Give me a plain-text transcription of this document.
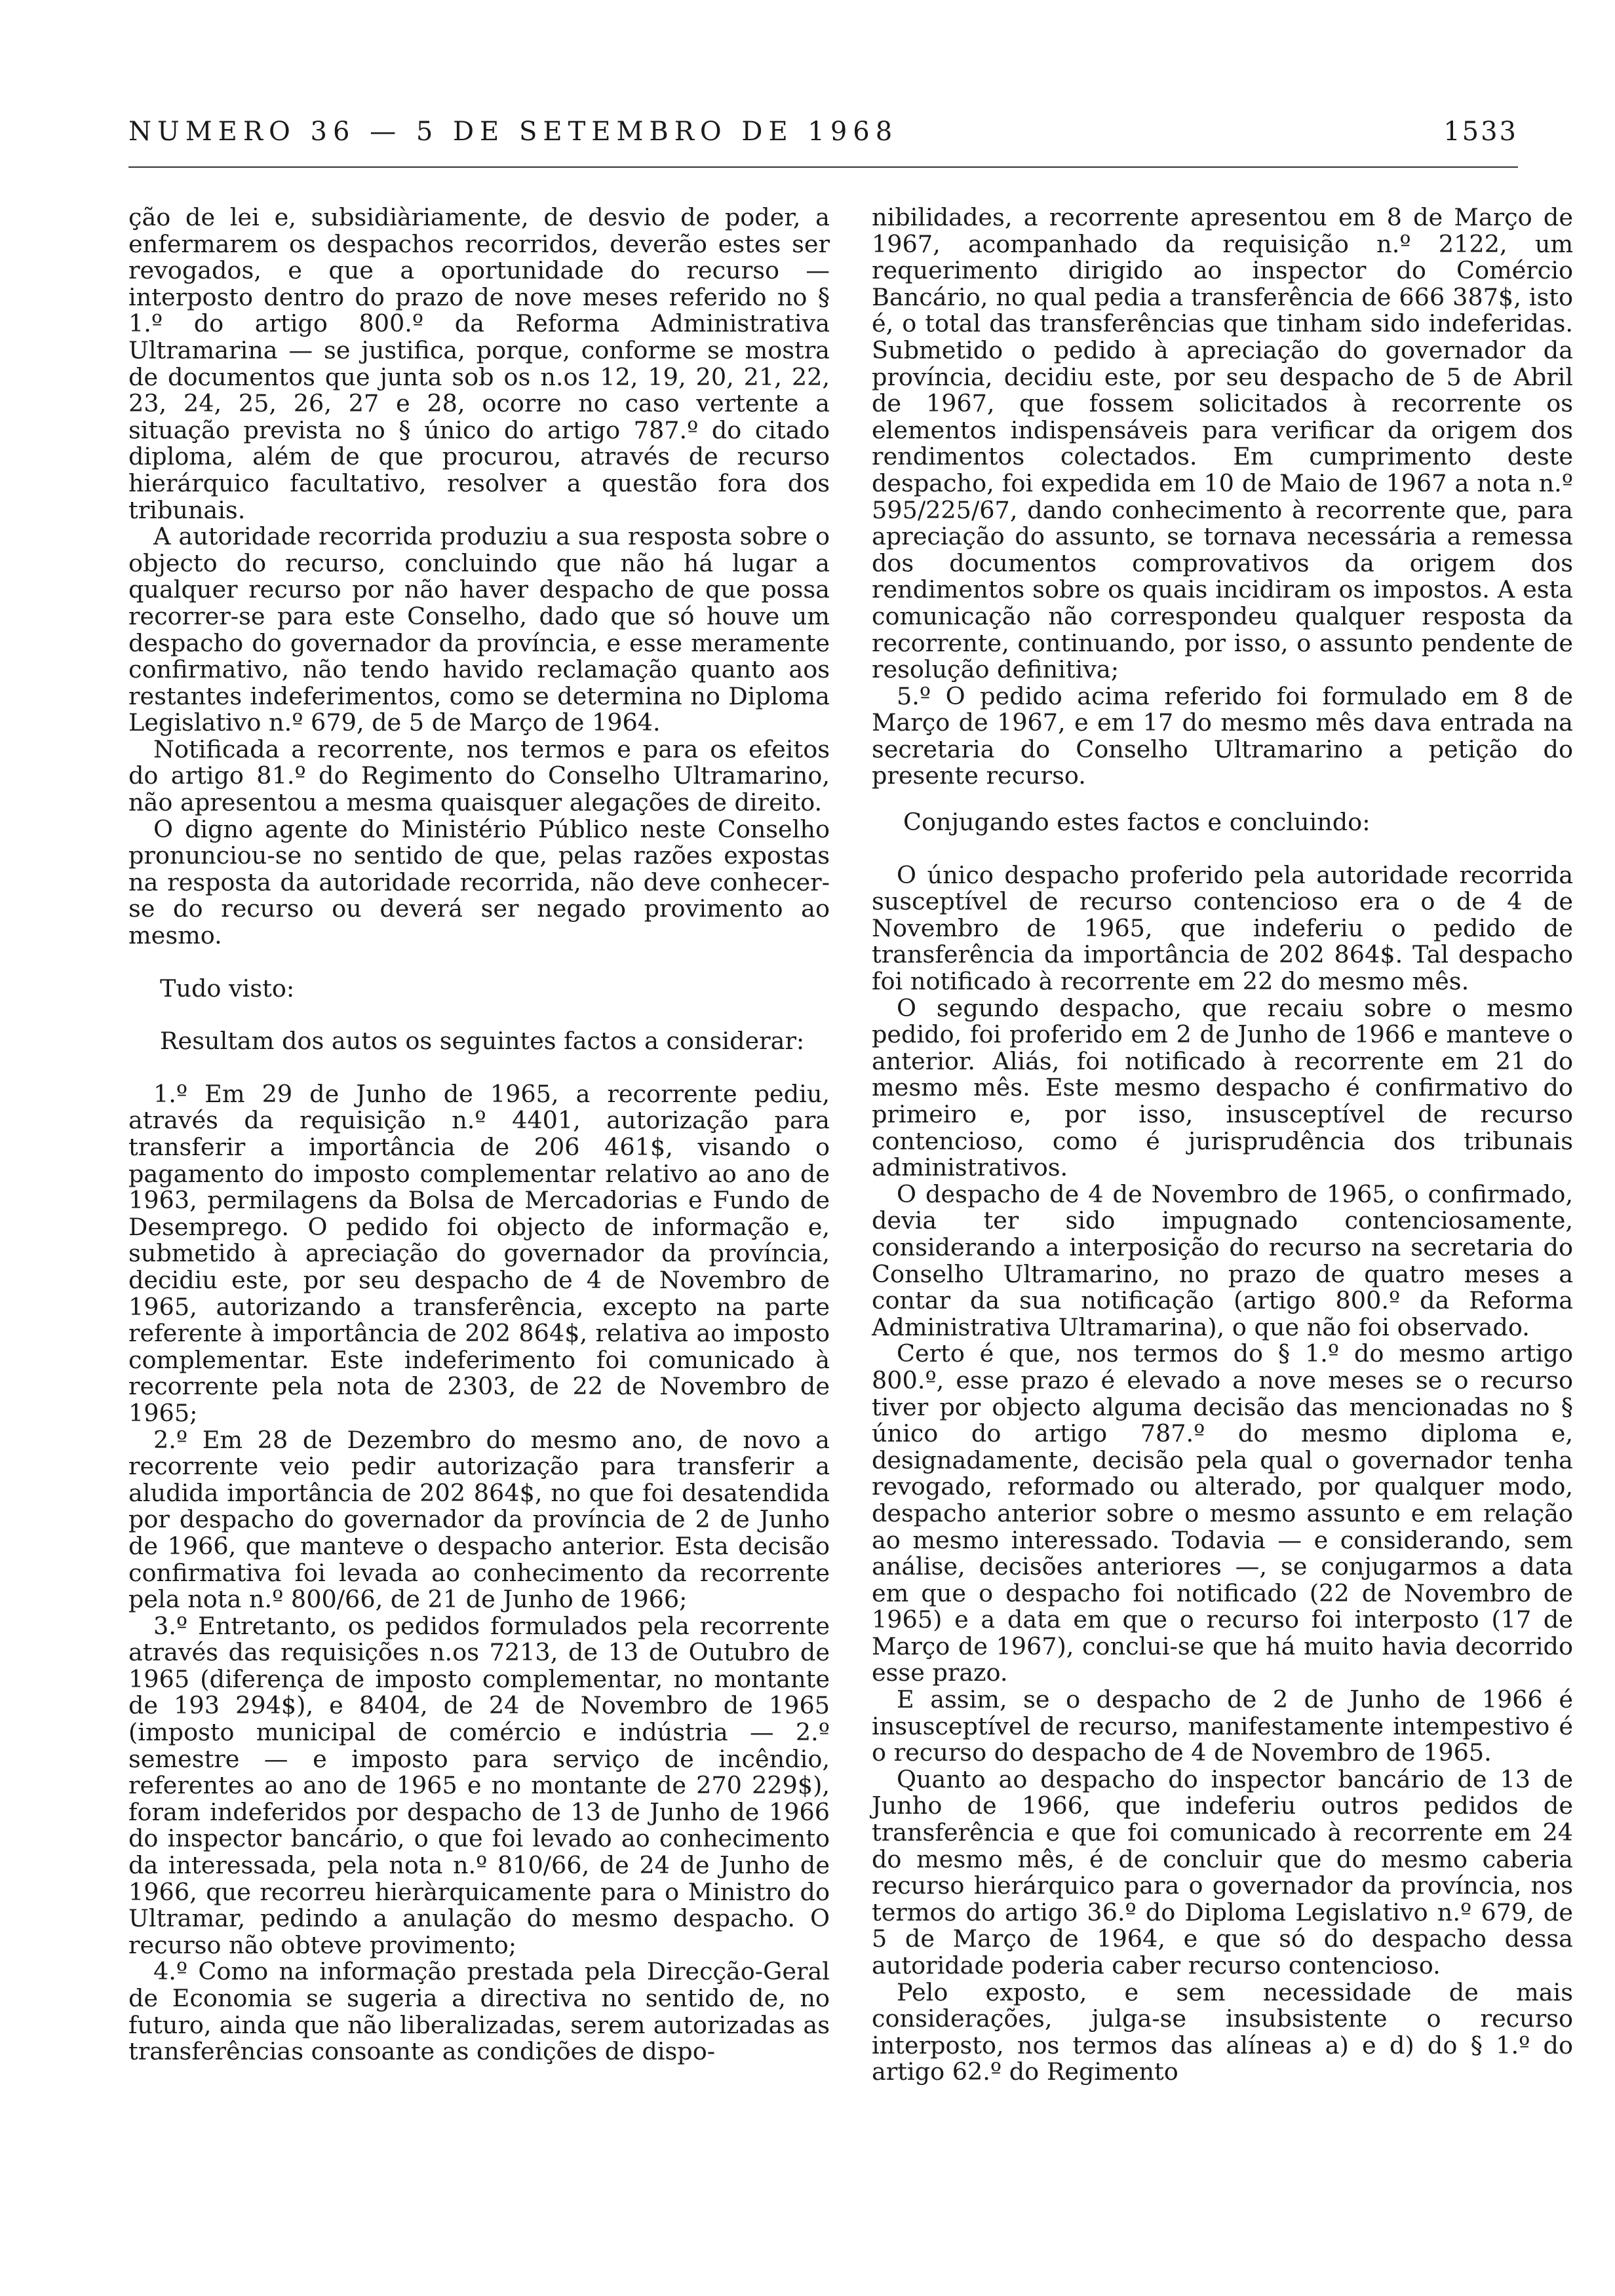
NUMERO 36 — 5 DE SETEMBRO DE 1968	1533

ção de lei e, subsidiàriamente, de desvio de poder, a enfermarem os despachos recorridos, deverão estes ser revogados, e que a oportunidade do recurso — interposto dentro do prazo de nove meses referido no § 1.º do artigo 800.º da Reforma Administrativa Ultramarina — se justifica, porque, conforme se mostra de documentos que junta sob os n.os 12, 19, 20, 21, 22, 23, 24, 25, 26, 27 e 28, ocorre no caso vertente a situação prevista no § único do artigo 787.º do citado diploma, além de que procurou, através de recurso hierárquico facultativo, resolver a questão fora dos tribunais.

A autoridade recorrida produziu a sua resposta sobre o objecto do recurso, concluindo que não há lugar a qualquer recurso por não haver despacho de que possa recorrer-se para este Conselho, dado que só houve um despacho do governador da província, e esse meramente confirmativo, não tendo havido reclamação quanto aos restantes indeferimentos, como se determina no Diploma Legislativo n.º 679, de 5 de Março de 1964.

Notificada a recorrente, nos termos e para os efeitos do artigo 81.º do Regimento do Conselho Ultramarino, não apresentou a mesma quaisquer alegações de direito.

O digno agente do Ministério Público neste Conselho pronunciou-se no sentido de que, pelas razões expostas na resposta da autoridade recorrida, não deve conhecer-se do recurso ou deverá ser negado provimento ao mesmo.

Tudo visto:

Resultam dos autos os seguintes factos a considerar:

1.º Em 29 de Junho de 1965, a recorrente pediu, através da requisição n.º 4401, autorização para transferir a importância de 206 461$, visando o pagamento do imposto complementar relativo ao ano de 1963, permilagens da Bolsa de Mercadorias e Fundo de Desemprego. O pedido foi objecto de informação e, submetido à apreciação do governador da província, decidiu este, por seu despacho de 4 de Novembro de 1965, autorizando a transferência, excepto na parte referente à importância de 202 864$, relativa ao imposto complementar. Este indeferimento foi comunicado à recorrente pela nota de 2303, de 22 de Novembro de 1965;

2.º Em 28 de Dezembro do mesmo ano, de novo a recorrente veio pedir autorização para transferir a aludida importância de 202 864$, no que foi desatendida por despacho do governador da província de 2 de Junho de 1966, que manteve o despacho anterior. Esta decisão confirmativa foi levada ao conhecimento da recorrente pela nota n.º 800/66, de 21 de Junho de 1966;

3.º Entretanto, os pedidos formulados pela recorrente através das requisições n.os 7213, de 13 de Outubro de 1965 (diferença de imposto complementar, no montante de 193 294$), e 8404, de 24 de Novembro de 1965 (imposto municipal de comércio e indústria — 2.º semestre — e imposto para serviço de incêndio, referentes ao ano de 1965 e no montante de 270 229$), foram indeferidos por despacho de 13 de Junho de 1966 do inspector bancário, o que foi levado ao conhecimento da interessada, pela nota n.º 810/66, de 24 de Junho de 1966, que recorreu hieràrquicamente para o Ministro do Ultramar, pedindo a anulação do mesmo despacho. O recurso não obteve provimento;

4.º Como na informação prestada pela Direcção-Geral de Economia se sugeria a directiva no sentido de, no futuro, ainda que não liberalizadas, serem autorizadas as transferências consoante as condições de dispo-

nibilidades, a recorrente apresentou em 8 de Março de 1967, acompanhado da requisição n.º 2122, um requerimento dirigido ao inspector do Comércio Bancário, no qual pedia a transferência de 666 387$, isto é, o total das transferências que tinham sido indeferidas. Submetido o pedido à apreciação do governador da província, decidiu este, por seu despacho de 5 de Abril de 1967, que fossem solicitados à recorrente os elementos indispensáveis para verificar da origem dos rendimentos colectados. Em cumprimento deste despacho, foi expedida em 10 de Maio de 1967 a nota n.º 595/225/67, dando conhecimento à recorrente que, para apreciação do assunto, se tornava necessária a remessa dos documentos comprovativos da origem dos rendimentos sobre os quais incidiram os impostos. A esta comunicação não correspondeu qualquer resposta da recorrente, continuando, por isso, o assunto pendente de resolução definitiva;

5.º O pedido acima referido foi formulado em 8 de Março de 1967, e em 17 do mesmo mês dava entrada na secretaria do Conselho Ultramarino a petição do presente recurso.

Conjugando estes factos e concluindo:

O único despacho proferido pela autoridade recorrida susceptível de recurso contencioso era o de 4 de Novembro de 1965, que indeferiu o pedido de transferência da importância de 202 864$. Tal despacho foi notificado à recorrente em 22 do mesmo mês.

O segundo despacho, que recaiu sobre o mesmo pedido, foi proferido em 2 de Junho de 1966 e manteve o anterior. Aliás, foi notificado à recorrente em 21 do mesmo mês. Este mesmo despacho é confirmativo do primeiro e, por isso, insusceptível de recurso contencioso, como é jurisprudência dos tribunais administrativos.

O despacho de 4 de Novembro de 1965, o confirmado, devia ter sido impugnado contenciosamente, considerando a interposição do recurso na secretaria do Conselho Ultramarino, no prazo de quatro meses a contar da sua notificação (artigo 800.º da Reforma Administrativa Ultramarina), o que não foi observado.

Certo é que, nos termos do § 1.º do mesmo artigo 800.º, esse prazo é elevado a nove meses se o recurso tiver por objecto alguma decisão das mencionadas no § único do artigo 787.º do mesmo diploma e, designadamente, decisão pela qual o governador tenha revogado, reformado ou alterado, por qualquer modo, despacho anterior sobre o mesmo assunto e em relação ao mesmo interessado. Todavia — e considerando, sem análise, decisões anteriores —, se conjugarmos a data em que o despacho foi notificado (22 de Novembro de 1965) e a data em que o recurso foi interposto (17 de Março de 1967), conclui-se que há muito havia decorrido esse prazo.

E assim, se o despacho de 2 de Junho de 1966 é insusceptível de recurso, manifestamente intempestivo é o recurso do despacho de 4 de Novembro de 1965.

Quanto ao despacho do inspector bancário de 13 de Junho de 1966, que indeferiu outros pedidos de transferência e que foi comunicado à recorrente em 24 do mesmo mês, é de concluir que do mesmo caberia recurso hierárquico para o governador da província, nos termos do artigo 36.º do Diploma Legislativo n.º 679, de 5 de Março de 1964, e que só do despacho dessa autoridade poderia caber recurso contencioso.

Pelo exposto, e sem necessidade de mais considerações, julga-se insubsistente o recurso interposto, nos termos das alíneas a) e d) do § 1.º do artigo 62.º do Regimento
